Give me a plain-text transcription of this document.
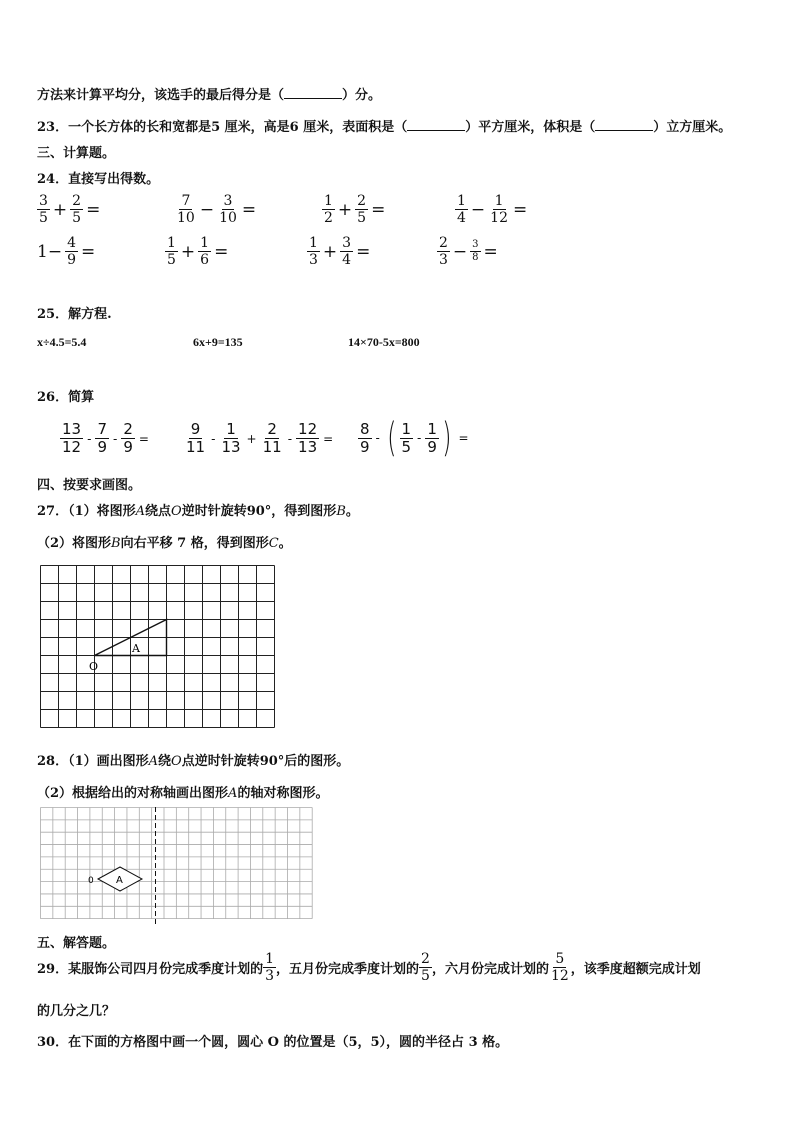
方法来计算平均分，该选手的最后得分是（	）分。
23．一个长方体的长和宽都是5 厘米，高是6 厘米，表面积是（	）平方厘米，体积是（	）立方厘米。
三、计算题。
24．直接写出得数。
$\frac{3}{5} + \frac{2}{5}$ =	$\frac{7}{10} - \frac{3}{10}$ =	$\frac{1}{2} + \frac{2}{5}$ =	$\frac{1}{4} - \frac{1}{12}$ =
$1- \frac{4}{9}$ =	$\frac{1}{5} + \frac{1}{6}$ =	$\frac{1}{3} + \frac{3}{4}$ =	$\frac{2}{3} - \frac{3}{8}$ =
25．解方程.
x÷4.5=5.4	6x+9=135	14×70-5x=800
26．简算
$\frac{13}{12} - \frac{7}{9} - \frac{2}{9} = \frac{9}{11} - \frac{1}{13} + \frac{2}{11} - \frac{12}{13} = \frac{8}{9}$ - ( $\frac{1}{5} - \frac{1}{9}$ ) =
四、按要求画图。
27．（1）将图形A绕点O逆时针旋转90°，得到图形B。
（2）将图形B向右平移 7 格，得到图形C。
A
O
28．（1）画出图形A绕O点逆时针旋转90°后的图形。
（2）根据给出的对称轴画出图形A的轴对称图形。
A
0
五、解答题。
29．某服饰公司四月份完成季度计划的 $\frac{1}{3}$ ，五月份完成季度计划的 $\frac{2}{5}$ ，六月份完成计划的 $\frac{5}{12}$ ，该季度超额完成计划
的几分之几？
30．在下面的方格图中画一个圆，圆心 O 的位置是（5，5），圆的半径占 3 格。
